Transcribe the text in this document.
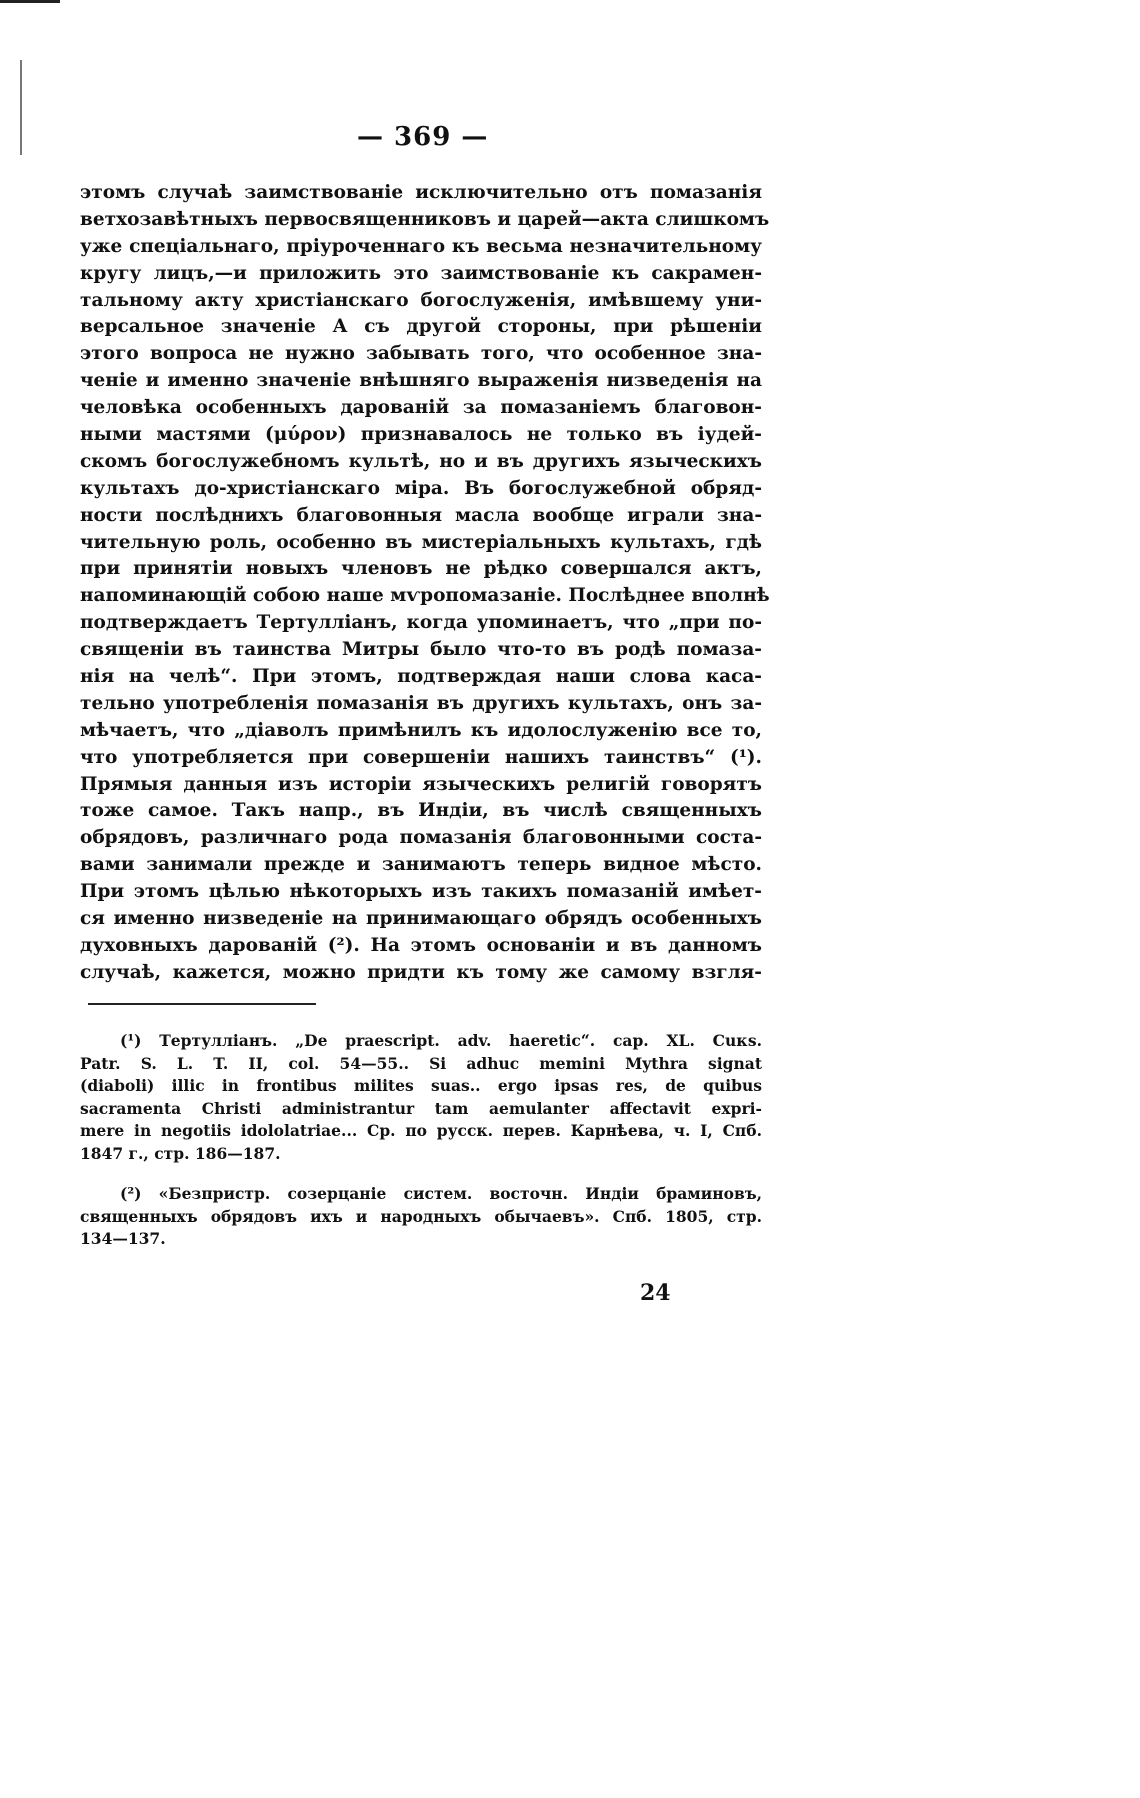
— 369 —
этомъ случаѣ заимствованіе исключительно отъ помазанія
ветхозавѣтныхъ первосвященниковъ и царей—акта слишкомъ
уже спеціальнаго, пріуроченнаго къ весьма незначительному
кругу лицъ,—и приложить это заимствованіе къ сакрамен-
тальному акту христіанскаго богослуженія, имѣвшему уни-
версальное значеніе А съ другой стороны, при рѣшеніи
этого вопроса не нужно забывать того, что особенное зна-
ченіе и именно значеніе внѣшняго выраженія низведенія на
человѣка особенныхъ дарованій за помазаніемъ благовон-
ными мастями (μύρον) признавалось не только въ іудей-
скомъ богослужебномъ культѣ, но и въ другихъ языческихъ
культахъ до-христіанскаго міра. Въ богослужебной обряд-
ности послѣднихъ благовонныя масла вообще играли зна-
чительную роль, особенно въ мистеріальныхъ культахъ, гдѣ
при принятіи новыхъ членовъ не рѣдко совершался актъ,
напоминающій собою наше мѵропомазаніе. Послѣднее вполнѣ
подтверждаетъ Тертулліанъ, когда упоминаетъ, что „при по-
священіи въ таинства Митры было что-то въ родѣ помаза-
нія на челѣ“. При этомъ, подтверждая наши слова каса-
тельно употребленія помазанія въ другихъ культахъ, онъ за-
мѣчаетъ, что „діаволъ примѣнилъ къ идолослуженію все то,
что употребляется при совершеніи нашихъ таинствъ“ (¹).
Прямыя данныя изъ исторіи языческихъ религій говорятъ
тоже самое. Такъ напр., въ Индіи, въ числѣ священныхъ
обрядовъ, различнаго рода помазанія благовонными соста-
вами занимали прежде и занимаютъ теперь видное мѣсто.
При этомъ цѣлью нѣкоторыхъ изъ такихъ помазаній имѣет-
ся именно низведеніе на принимающаго обрядъ особенныхъ
духовныхъ дарованій (²). На этомъ основаніи и въ данномъ
случаѣ, кажется, можно придти къ тому же самому взгля-
(¹) Тертулліанъ. „De praescript. adv. haeretic“. cap. XL. Cuκs.
Patr. S. L. T. II, col. 54—55.. Si adhuc memini Mythra signat
(diaboli) illic in frontibus milites suas.. ergo ipsas res, de quibus
sacramenta Christi administrantur tam aemulanter affectavit expri-
mere in negotiis idololatriae... Ср. по русск. перев. Карнѣева, ч. I, Спб.
1847 г., стр. 186—187.
(²) «Безпристр. созерцаніе систем. восточн. Индіи браминовъ,
священныхъ обрядовъ ихъ и народныхъ обычаевъ». Спб. 1805, стр.
134—137.
24
